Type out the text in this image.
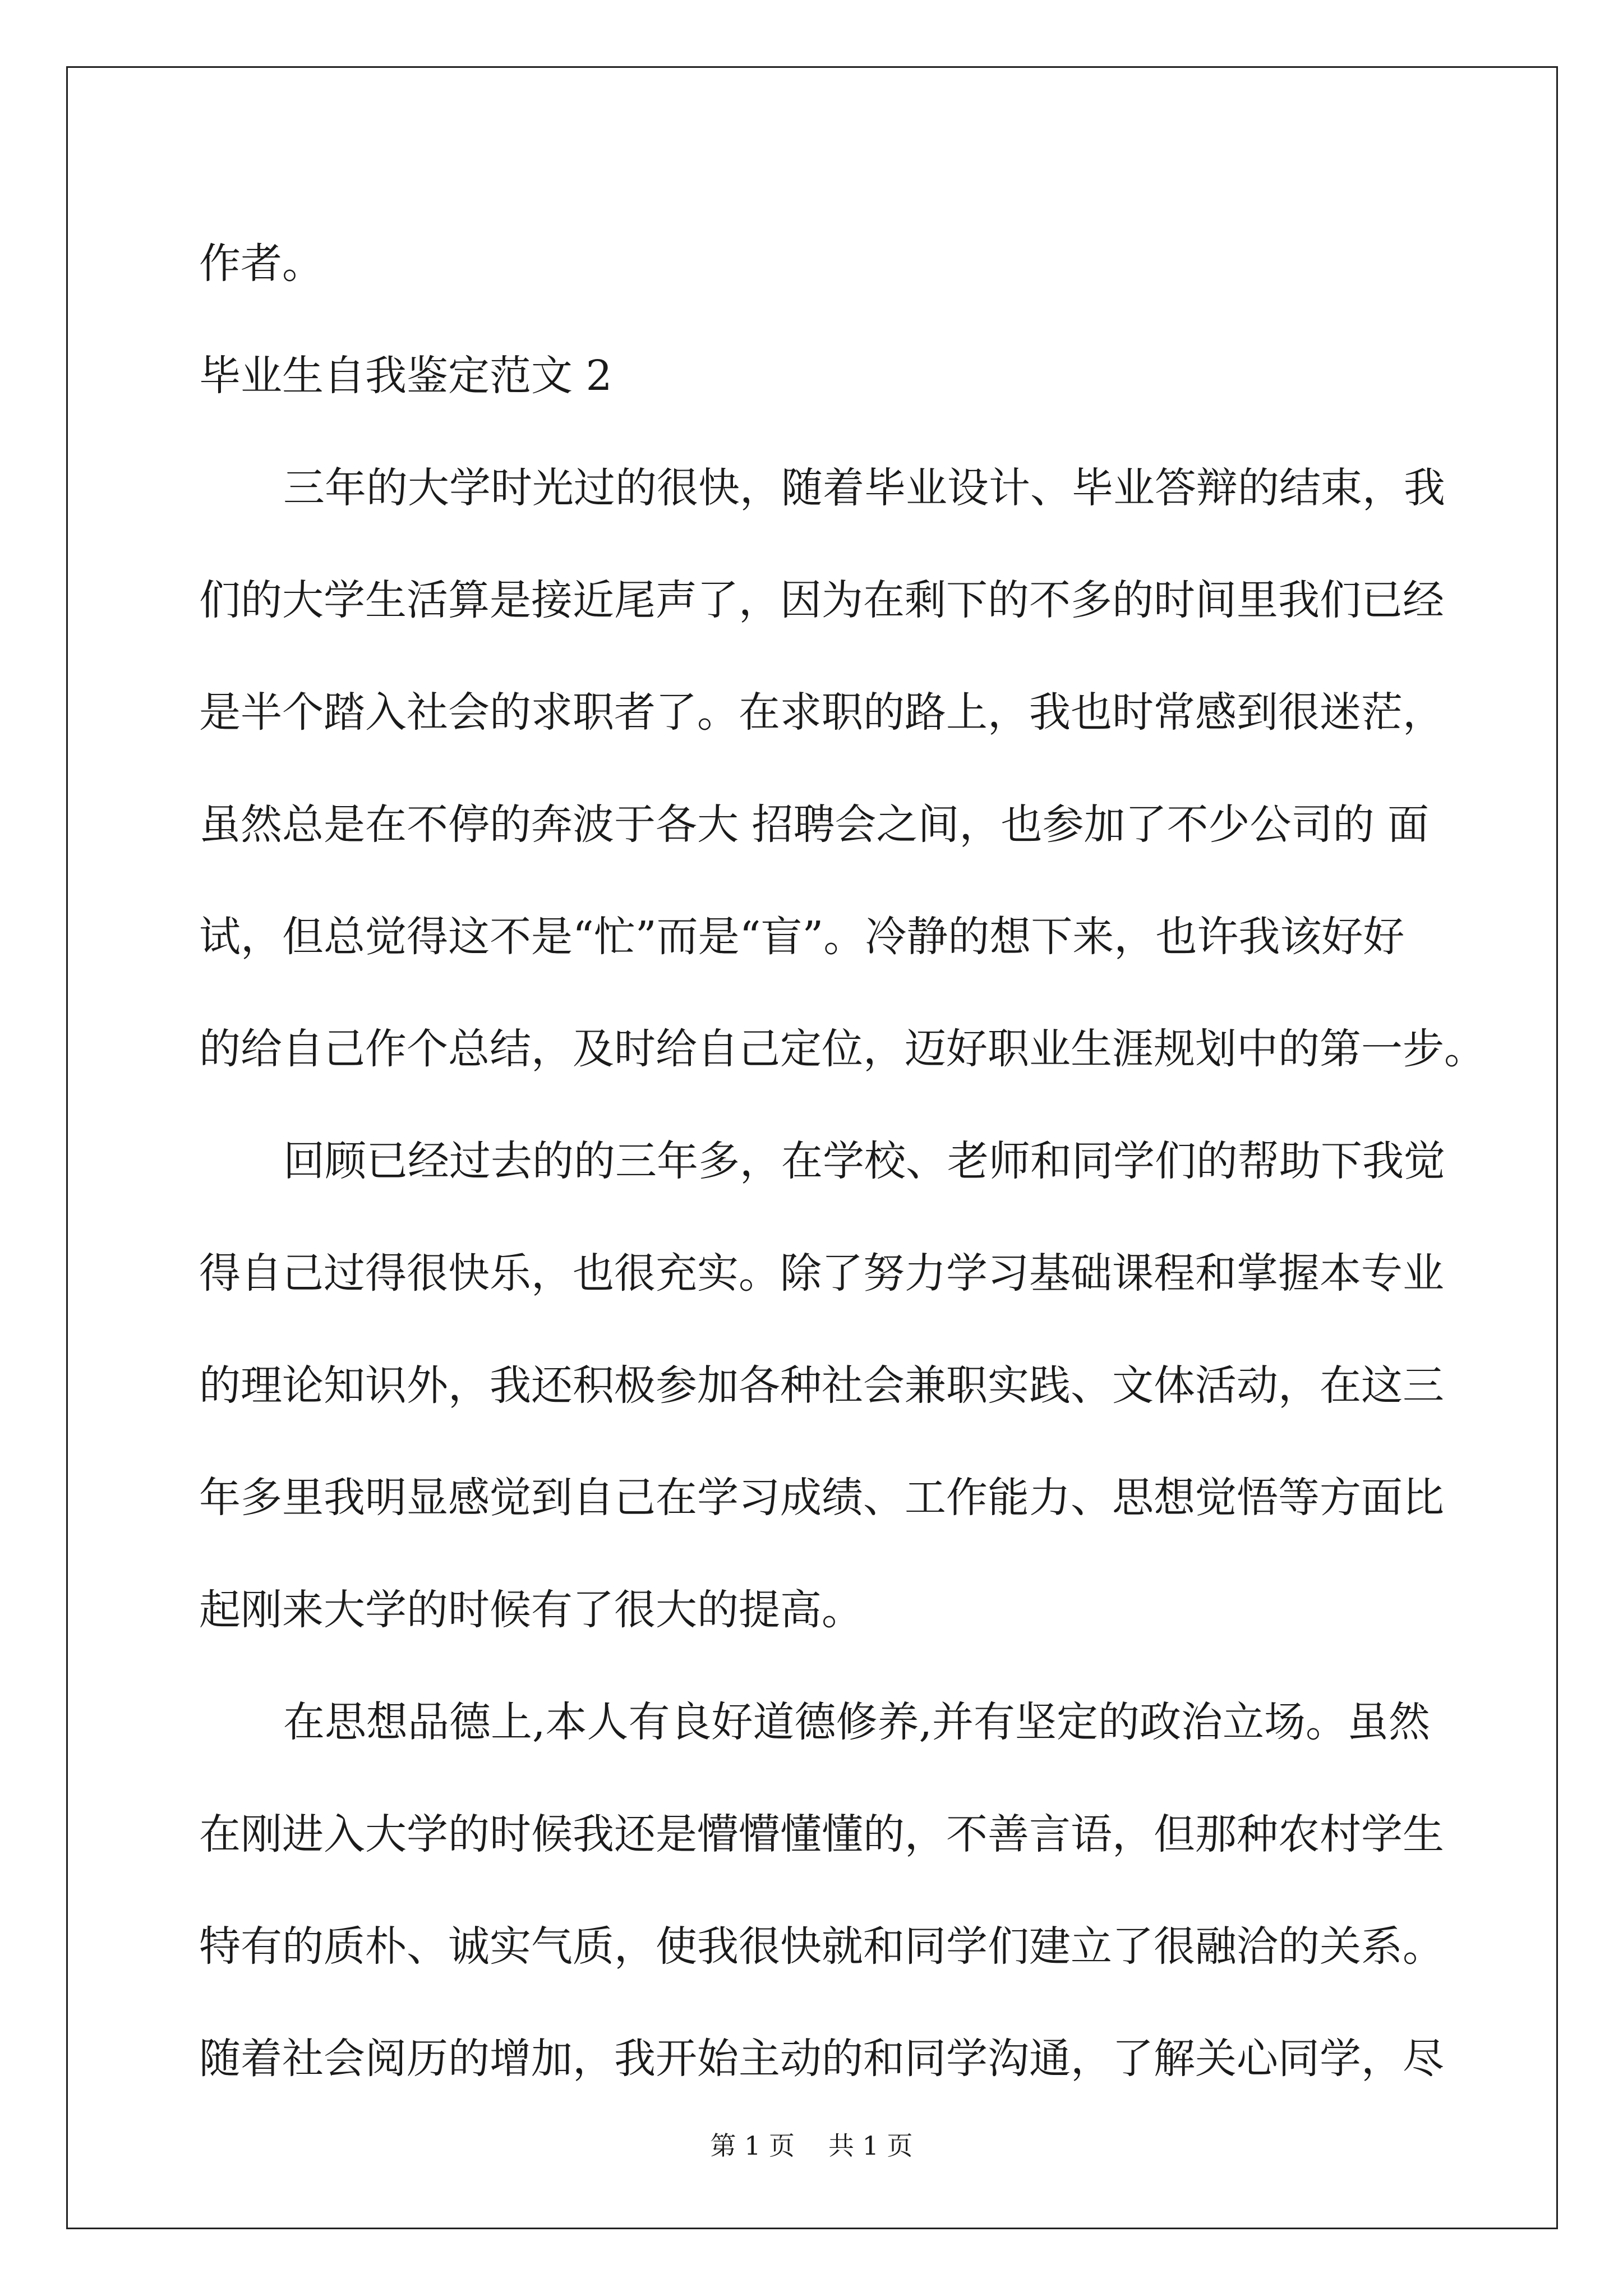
作者。
毕业生自我鉴定范文 2
三年的大学时光过的很快，随着毕业设计、毕业答辩的结束，我
们的大学生活算是接近尾声了，因为在剩下的不多的时间里我们已经
是半个踏入社会的求职者了。在求职的路上，我也时常感到很迷茫，
虽然总是在不停的奔波于各大 招聘会之间，也参加了不少公司的 面
试，但总觉得这不是“忙”而是“盲”。冷静的想下来，也许我该好好
的给自己作个总结，及时给自己定位，迈好职业生涯规划中的第一步。
回顾已经过去的的三年多，在学校、老师和同学们的帮助下我觉
得自己过得很快乐，也很充实。除了努力学习基础课程和掌握本专业
的理论知识外，我还积极参加各种社会兼职实践、文体活动，在这三
年多里我明显感觉到自己在学习成绩、工作能力、思想觉悟等方面比
起刚来大学的时候有了很大的提高。
在思想品德上,本人有良好道德修养,并有坚定的政治立场。虽然
在刚进入大学的时候我还是懵懵懂懂的，不善言语，但那种农村学生
特有的质朴、诚实气质，使我很快就和同学们建立了很融洽的关系。
随着社会阅历的增加，我开始主动的和同学沟通，了解关心同学，尽
第 1 页 共 1 页
